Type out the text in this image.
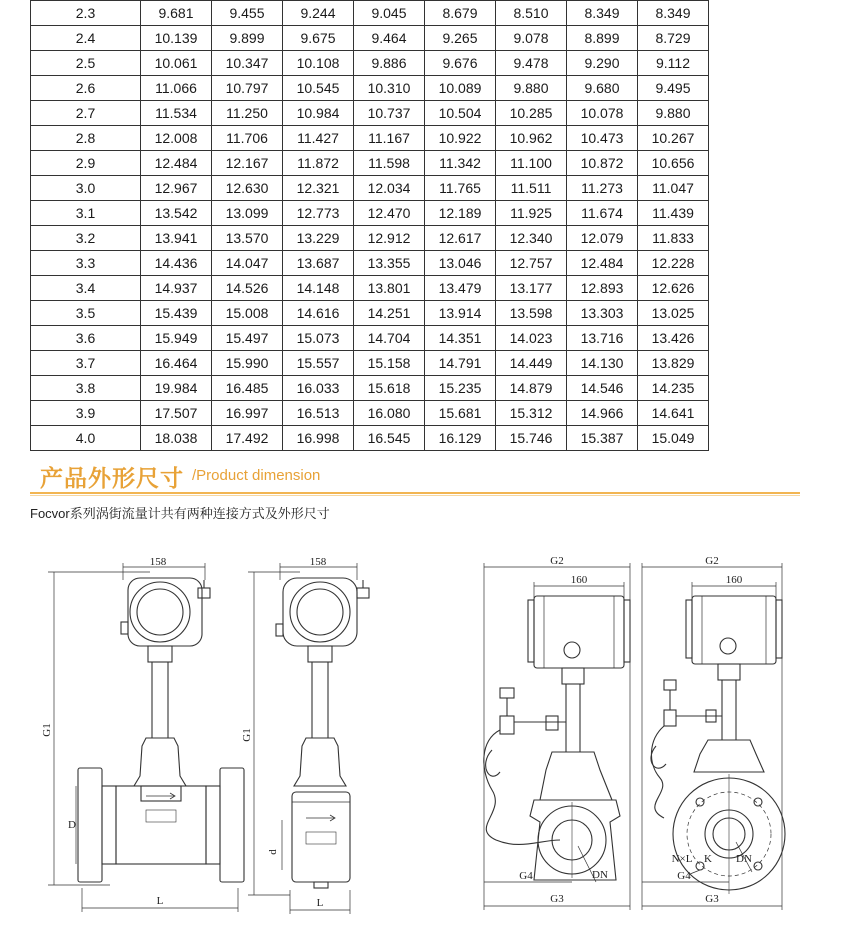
2.3	9.681	9.455	9.244	9.045	8.679	8.510	8.349	8.349
2.4	10.139	9.899	9.675	9.464	9.265	9.078	8.899	8.729
2.5	10.061	10.347	10.108	9.886	9.676	9.478	9.290	9.112
2.6	11.066	10.797	10.545	10.310	10.089	9.880	9.680	9.495
2.7	11.534	11.250	10.984	10.737	10.504	10.285	10.078	9.880
2.8	12.008	11.706	11.427	11.167	10.922	10.962	10.473	10.267
2.9	12.484	12.167	11.872	11.598	11.342	11.100	10.872	10.656
3.0	12.967	12.630	12.321	12.034	11.765	11.511	11.273	11.047
3.1	13.542	13.099	12.773	12.470	12.189	11.925	11.674	11.439
3.2	13.941	13.570	13.229	12.912	12.617	12.340	12.079	11.833
3.3	14.436	14.047	13.687	13.355	13.046	12.757	12.484	12.228
3.4	14.937	14.526	14.148	13.801	13.479	13.177	12.893	12.626
3.5	15.439	15.008	14.616	14.251	13.914	13.598	13.303	13.025
3.6	15.949	15.497	15.073	14.704	14.351	14.023	13.716	13.426
3.7	16.464	15.990	15.557	15.158	14.791	14.449	14.130	13.829
3.8	19.984	16.485	16.033	15.618	15.235	14.879	14.546	14.235
3.9	17.507	16.997	16.513	16.080	15.681	15.312	14.966	14.641
4.0	18.038	17.492	16.998	16.545	16.129	15.746	15.387	15.049
产品外形尺寸 /Product dimension
Focvor系列涡街流量计共有两种连接方式及外形尺寸
158
G1
D
L
158
G1
d
L
G2
160
G4
G3
DN
G2
160
N×L K DN
G4
G3
